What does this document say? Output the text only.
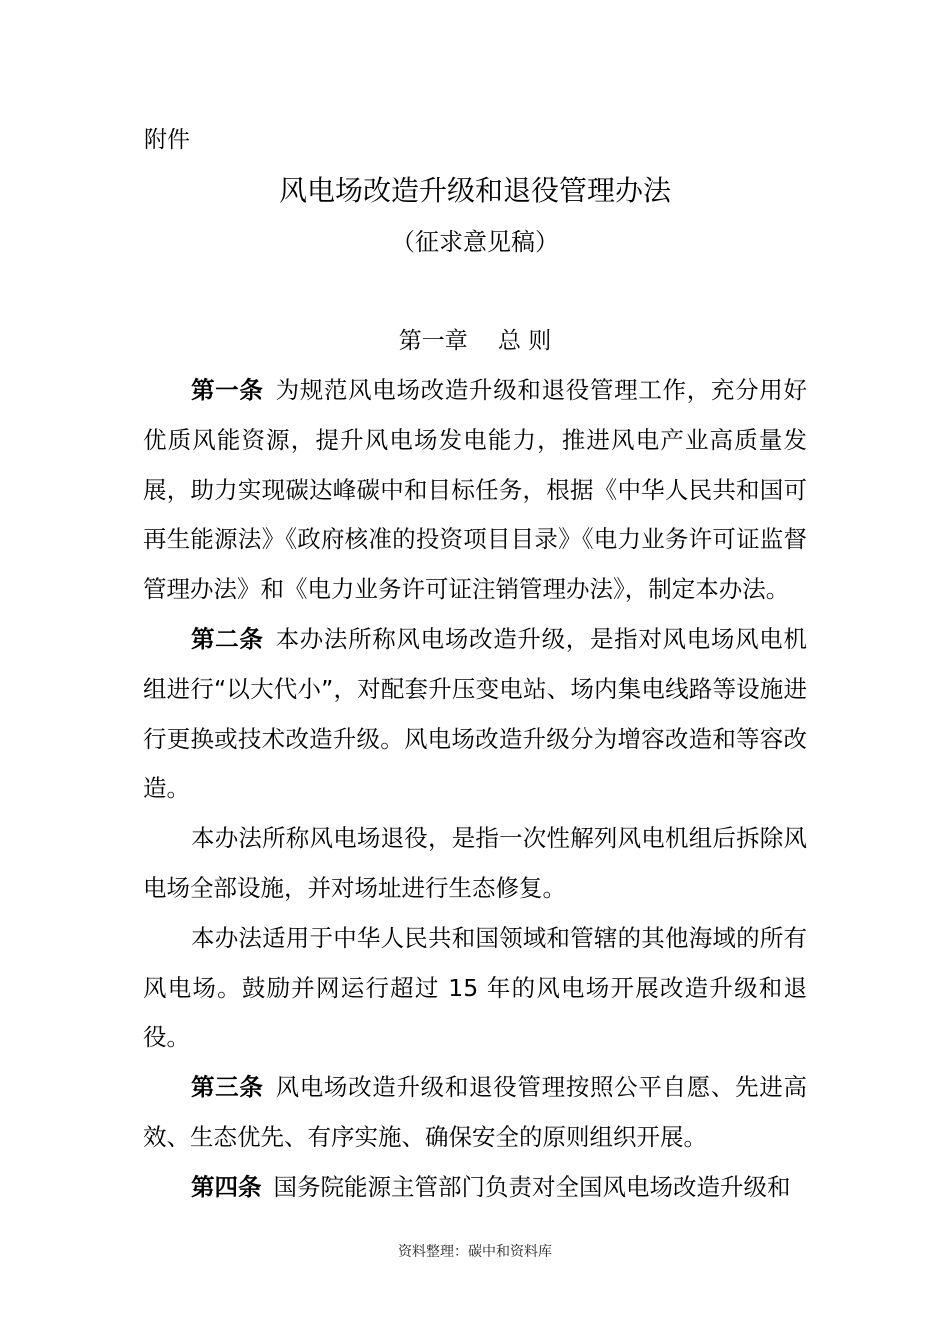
附件
风电场改造升级和退役管理办法
（征求意见稿）
第一章　 总 则

第一条 为规范风电场改造升级和退役管理工作，充分用好优质风能资源，提升风电场发电能力，推进风电产业高质量发展，助力实现碳达峰碳中和目标任务，根据《中华人民共和国可再生能源法》《政府核准的投资项目目录》《电力业务许可证监督管理办法》和《电力业务许可证注销管理办法》，制定本办法。

第二条 本办法所称风电场改造升级，是指对风电场风电机组进行“以大代小”，对配套升压变电站、场内集电线路等设施进行更换或技术改造升级。风电场改造升级分为增容改造和等容改造。

本办法所称风电场退役，是指一次性解列风电机组后拆除风电场全部设施，并对场址进行生态修复。

本办法适用于中华人民共和国领域和管辖的其他海域的所有风电场。鼓励并网运行超过 15 年的风电场开展改造升级和退役。

第三条 风电场改造升级和退役管理按照公平自愿、先进高效、生态优先、有序实施、确保安全的原则组织开展。

第四条 国务院能源主管部门负责对全国风电场改造升级和

资料整理：碳中和资料库
